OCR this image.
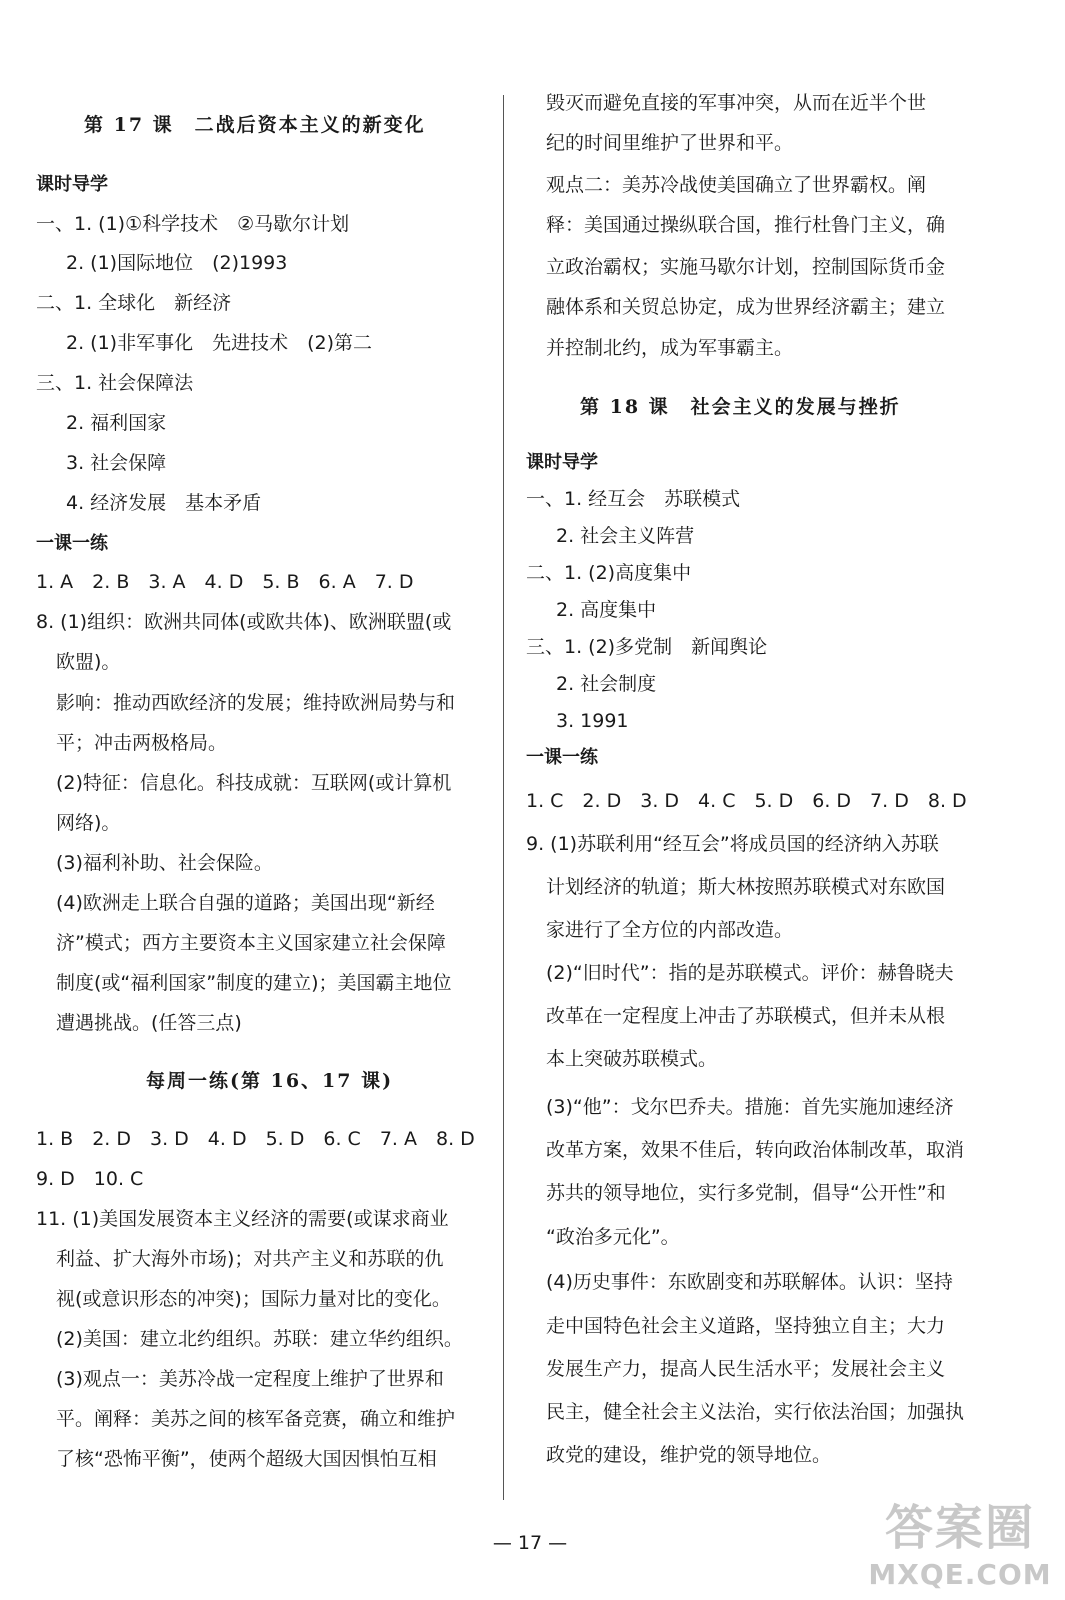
第 17 课　二战后资本主义的新变化
课时导学
一、1. (1)①科学技术　②马歇尔计划
2. (1)国际地位　(2)1993
二、1. 全球化　新经济
2. (1)非军事化　先进技术　(2)第二
三、1. 社会保障法
2. 福利国家
3. 社会保障
4. 经济发展　基本矛盾
一课一练
1. A　2. B　3. A　4. D　5. B　6. A　7. D
8. (1)组织：欧洲共同体(或欧共体)、欧洲联盟(或
欧盟)。
影响：推动西欧经济的发展；维持欧洲局势与和
平；冲击两极格局。
(2)特征：信息化。科技成就：互联网(或计算机
网络)。
(3)福利补助、社会保险。
(4)欧洲走上联合自强的道路；美国出现“新经
济”模式；西方主要资本主义国家建立社会保障
制度(或“福利国家”制度的建立)；美国霸主地位
遭遇挑战。(任答三点)
每周一练(第 16、17 课)
1. B　2. D　3. D　4. D　5. D　6. C　7. A　8. D
9. D　10. C
11. (1)美国发展资本主义经济的需要(或谋求商业
利益、扩大海外市场)；对共产主义和苏联的仇
视(或意识形态的冲突)；国际力量对比的变化。
(2)美国：建立北约组织。苏联：建立华约组织。
(3)观点一：美苏冷战一定程度上维护了世界和
平。阐释：美苏之间的核军备竞赛，确立和维护
了核“恐怖平衡”，使两个超级大国因惧怕互相
毁灭而避免直接的军事冲突，从而在近半个世
纪的时间里维护了世界和平。
观点二：美苏冷战使美国确立了世界霸权。阐
释：美国通过操纵联合国，推行杜鲁门主义，确
立政治霸权；实施马歇尔计划，控制国际货币金
融体系和关贸总协定，成为世界经济霸主；建立
并控制北约，成为军事霸主。
第 18 课　社会主义的发展与挫折
课时导学
一、1. 经互会　苏联模式
2. 社会主义阵营
二、1. (2)高度集中
2. 高度集中
三、1. (2)多党制　新闻舆论
2. 社会制度
3. 1991
一课一练
1. C　2. D　3. D　4. C　5. D　6. D　7. D　8. D
9. (1)苏联利用“经互会”将成员国的经济纳入苏联
计划经济的轨道；斯大林按照苏联模式对东欧国
家进行了全方位的内部改造。
(2)“旧时代”：指的是苏联模式。评价：赫鲁晓夫
改革在一定程度上冲击了苏联模式，但并未从根
本上突破苏联模式。
(3)“他”：戈尔巴乔夫。措施：首先实施加速经济
改革方案，效果不佳后，转向政治体制改革，取消
苏共的领导地位，实行多党制，倡导“公开性”和
“政治多元化”。
(4)历史事件：东欧剧变和苏联解体。认识：坚持
走中国特色社会主义道路，坚持独立自主；大力
发展生产力，提高人民生活水平；发展社会主义
民主，健全社会主义法治，实行依法治国；加强执
政党的建设，维护党的领导地位。
— 17 —	答案圈
MXQE.COM
